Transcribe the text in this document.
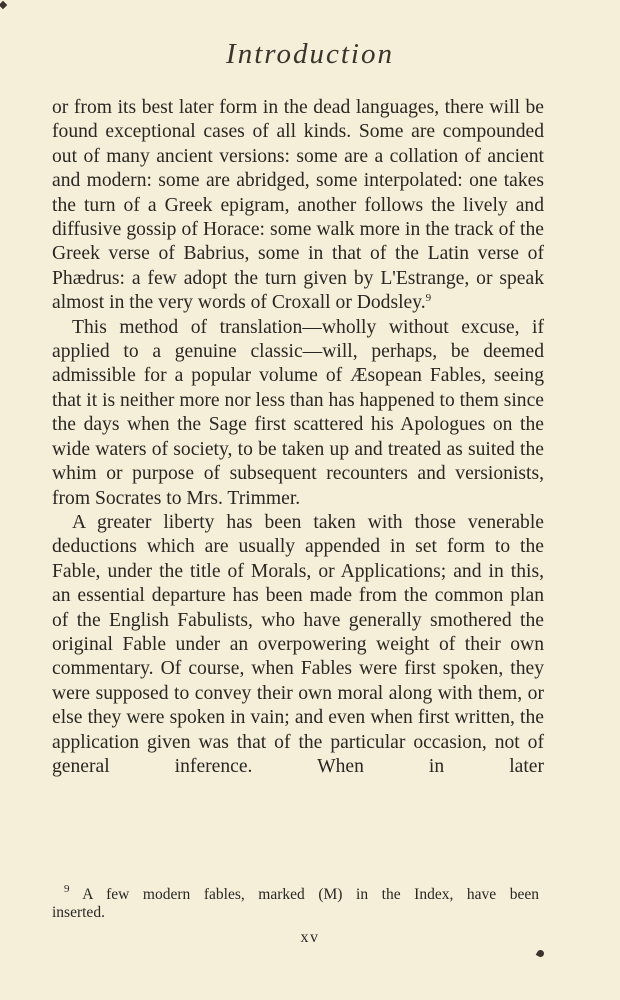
Introduction

or from its best later form in the dead languages, there will be found exceptional cases of all kinds. Some are compounded out of many ancient versions: some are a collation of ancient and modern: some are abridged, some interpolated: one takes the turn of a Greek epigram, another follows the lively and diffusive gossip of Horace: some walk more in the track of the Greek verse of Babrius, some in that of the Latin verse of Phædrus: a few adopt the turn given by L'Estrange, or speak almost in the very words of Croxall or Dodsley.$^9$

This method of translation—wholly without excuse, if applied to a genuine classic—will, perhaps, be deemed admissible for a popular volume of Æsopean Fables, seeing that it is neither more nor less than has happened to them since the days when the Sage first scattered his Apologues on the wide waters of society, to be taken up and treated as suited the whim or purpose of subsequent recounters and versionists, from Socrates to Mrs. Trimmer.

A greater liberty has been taken with those venerable deductions which are usually appended in set form to the Fable, under the title of Morals, or Applications; and in this, an essential departure has been made from the common plan of the English Fabulists, who have generally smothered the original Fable under an overpowering weight of their own commentary. Of course, when Fables were first spoken, they were supposed to convey their own moral along with them, or else they were spoken in vain; and even when first written, the application given was that of the particular occasion, not of general inference. When in later

$^9$ A few modern fables, marked (M) in the Index, have been
inserted.
xv
